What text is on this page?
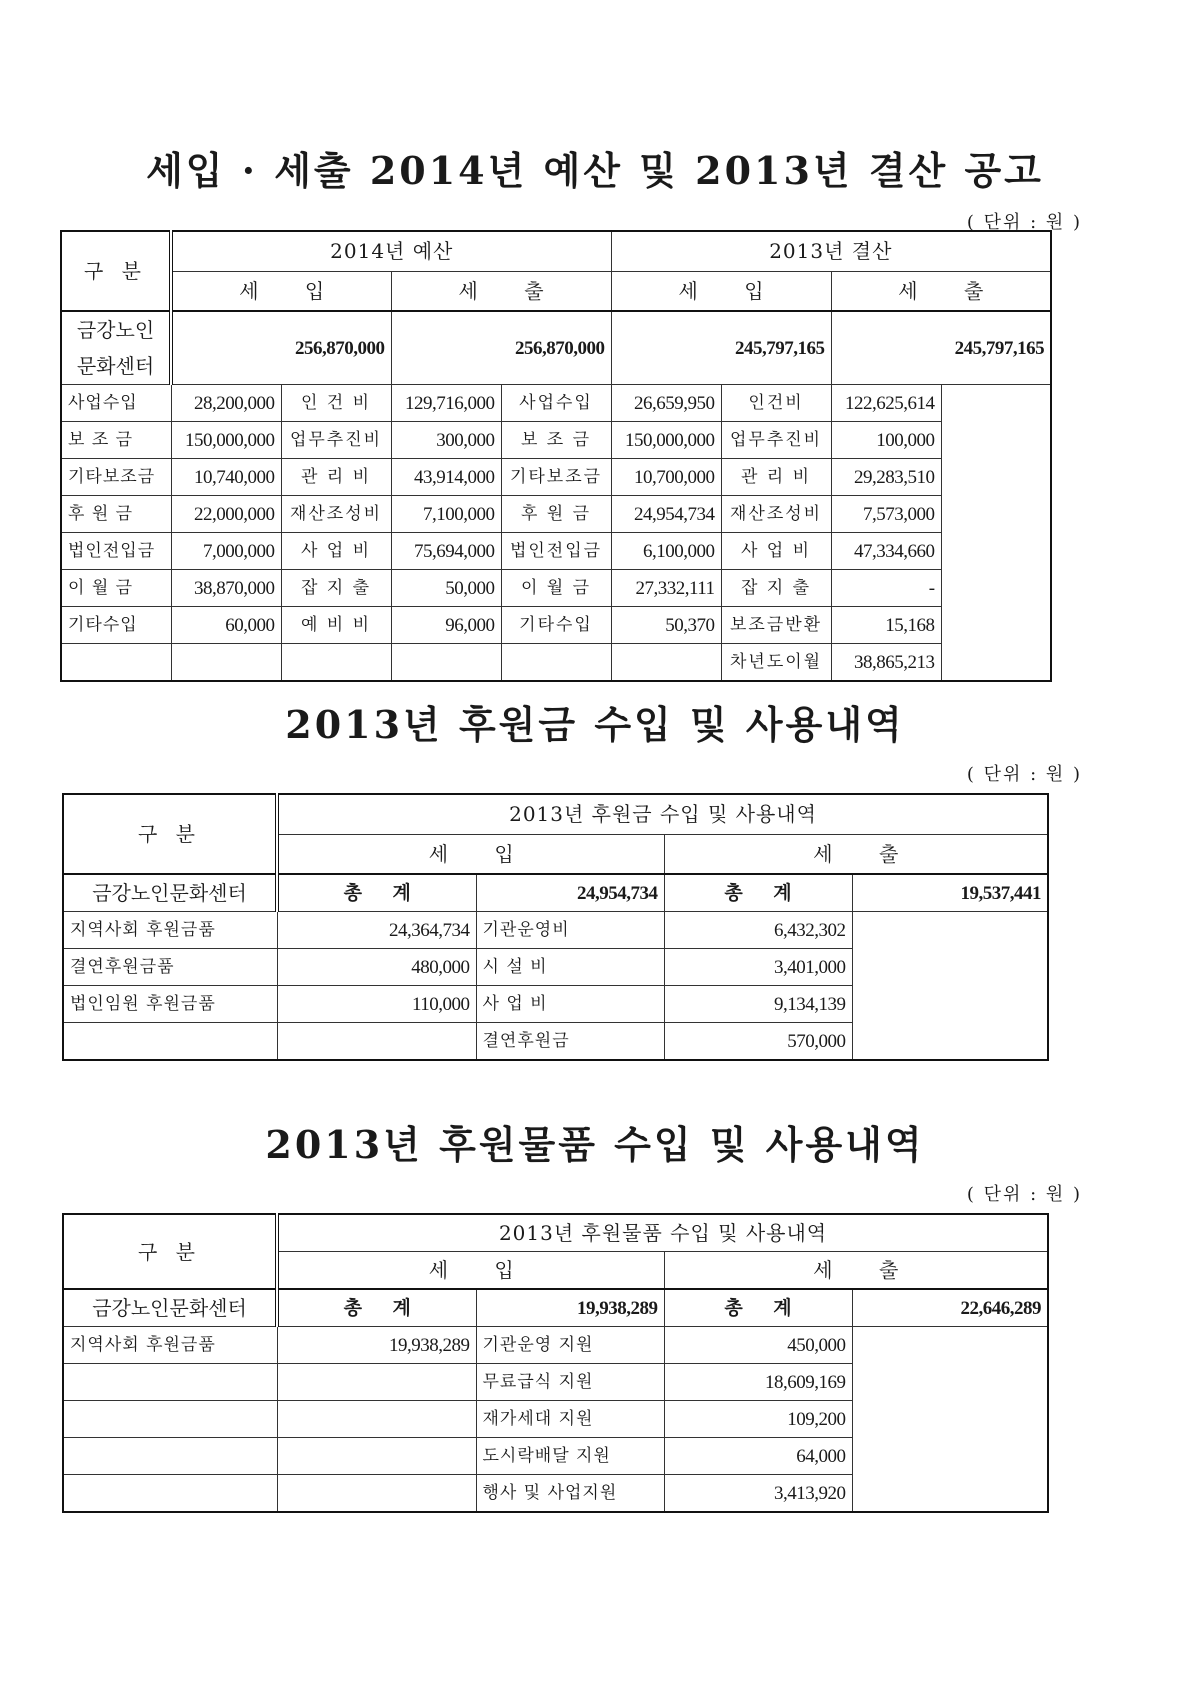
세입 · 세출 2014년 예산 및 2013년 결산 공고
( 단위 : 원 )
구 분	2014년 예산				2013년 결산		
	세 입		세 출		세 입		세 출

금강노인
문화센터	256,870,000		256,870,000		245,797,165		245,797,165
사업수입	28,200,000	인 건 비	129,716,000	사업수입	26,659,950	인건비	122,625,614
보 조 금	150,000,000	업무추진비	300,000	보 조 금	150,000,000	업무추진비	100,000
기타보조금	10,740,000	관 리 비	43,914,000	기타보조금	10,700,000	관 리 비	29,283,510
후 원 금	22,000,000	재산조성비	7,100,000	후 원 금	24,954,734	재산조성비	7,573,000
법인전입금	7,000,000	사 업 비	75,694,000	법인전입금	6,100,000	사 업 비	47,334,660
이 월 금	38,870,000	잡 지 출	50,000	이 월 금	27,332,111	잡 지 출	-
기타수입	60,000	예 비 비	96,000	기타수입	50,370	보조금반환	15,168
						차년도이월	38,865,213
2013년 후원금 수입 및 사용내역
( 단위 : 원 )
구 분	2013년 후원금 수입 및 사용내역			
	세 입		세 출	
금강노인문화센터	총 계	24,954,734	총 계	19,537,441
지역사회 후원금품	24,364,734	기관운영비	6,432,302	
결연후원금품	480,000	시 설 비	3,401,000	
법인임원 후원금품	110,000	사 업 비	9,134,139	
		결연후원금	570,000	
2013년 후원물품 수입 및 사용내역
( 단위 : 원 )
구 분	2013년 후원물품 수입 및 사용내역			
	세 입		세 출	
금강노인문화센터	총 계	19,938,289	총 계	22,646,289
지역사회 후원금품	19,938,289	기관운영 지원	450,000	
		무료급식 지원	18,609,169	
		재가세대 지원	109,200	
		도시락배달 지원	64,000	
		행사 및 사업지원	3,413,920	
